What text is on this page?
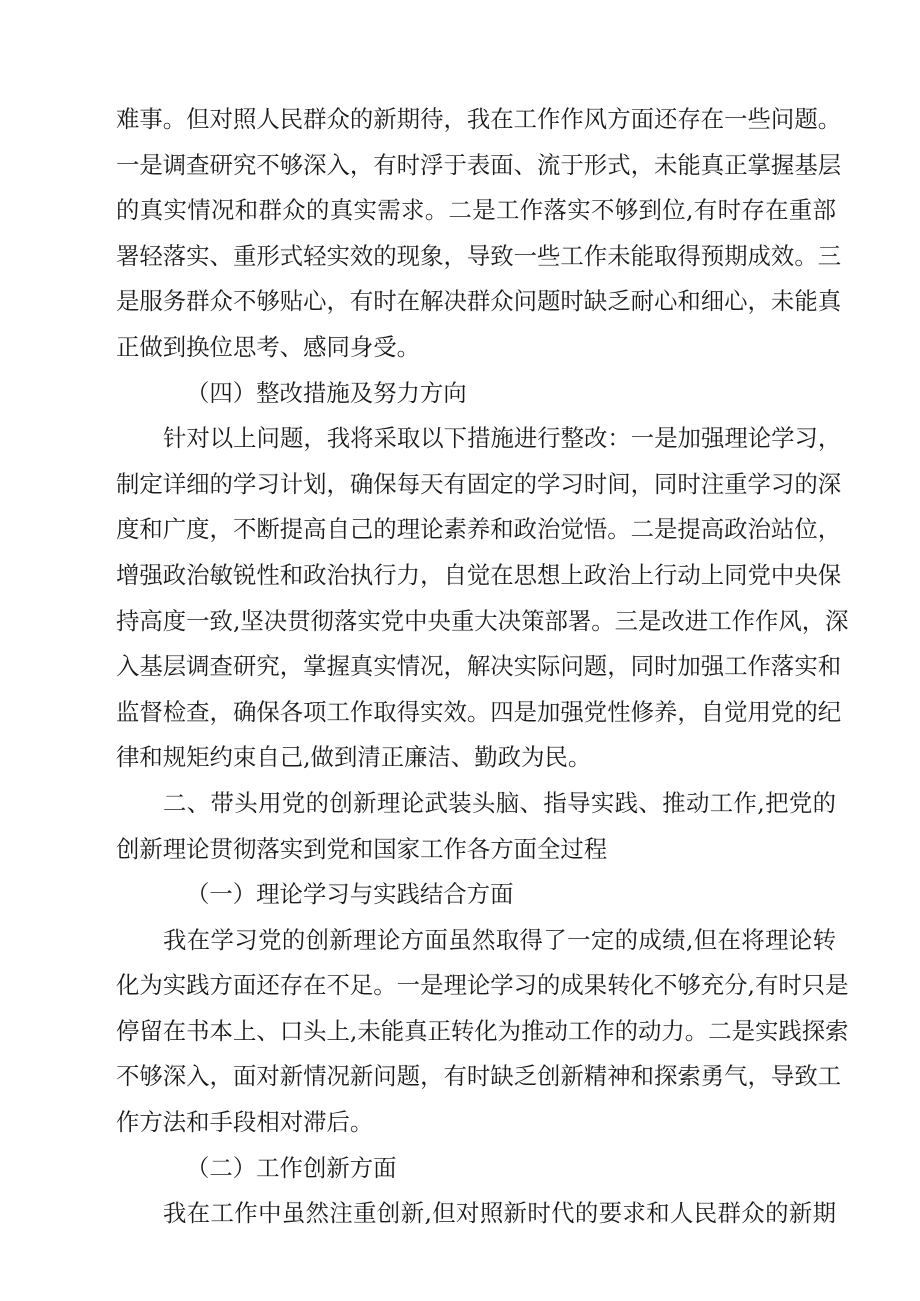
难事。但对照人民群众的新期待，我在工作作风方面还存在一些问题。
一是调查研究不够深入，有时浮于表面、流于形式，未能真正掌握基层
的真实情况和群众的真实需求。二是工作落实不够到位,有时存在重部
署轻落实、重形式轻实效的现象，导致一些工作未能取得预期成效。三
是服务群众不够贴心，有时在解决群众问题时缺乏耐心和细心，未能真
正做到换位思考、感同身受。
（四）整改措施及努力方向
针对以上问题，我将采取以下措施进行整改：一是加强理论学习，
制定详细的学习计划，确保每天有固定的学习时间，同时注重学习的深
度和广度，不断提高自己的理论素养和政治觉悟。二是提高政治站位，
增强政治敏锐性和政治执行力，自觉在思想上政治上行动上同党中央保
持高度一致,坚决贯彻落实党中央重大决策部署。三是改进工作作风，深
入基层调查研究，掌握真实情况，解决实际问题，同时加强工作落实和
监督检查，确保各项工作取得实效。四是加强党性修养，自觉用党的纪
律和规矩约束自己,做到清正廉洁、勤政为民。
二、带头用党的创新理论武装头脑、指导实践、推动工作,把党的
创新理论贯彻落实到党和国家工作各方面全过程
（一）理论学习与实践结合方面
我在学习党的创新理论方面虽然取得了一定的成绩,但在将理论转
化为实践方面还存在不足。一是理论学习的成果转化不够充分,有时只是
停留在书本上、口头上,未能真正转化为推动工作的动力。二是实践探索
不够深入，面对新情况新问题，有时缺乏创新精神和探索勇气，导致工
作方法和手段相对滞后。
（二）工作创新方面
我在工作中虽然注重创新,但对照新时代的要求和人民群众的新期
